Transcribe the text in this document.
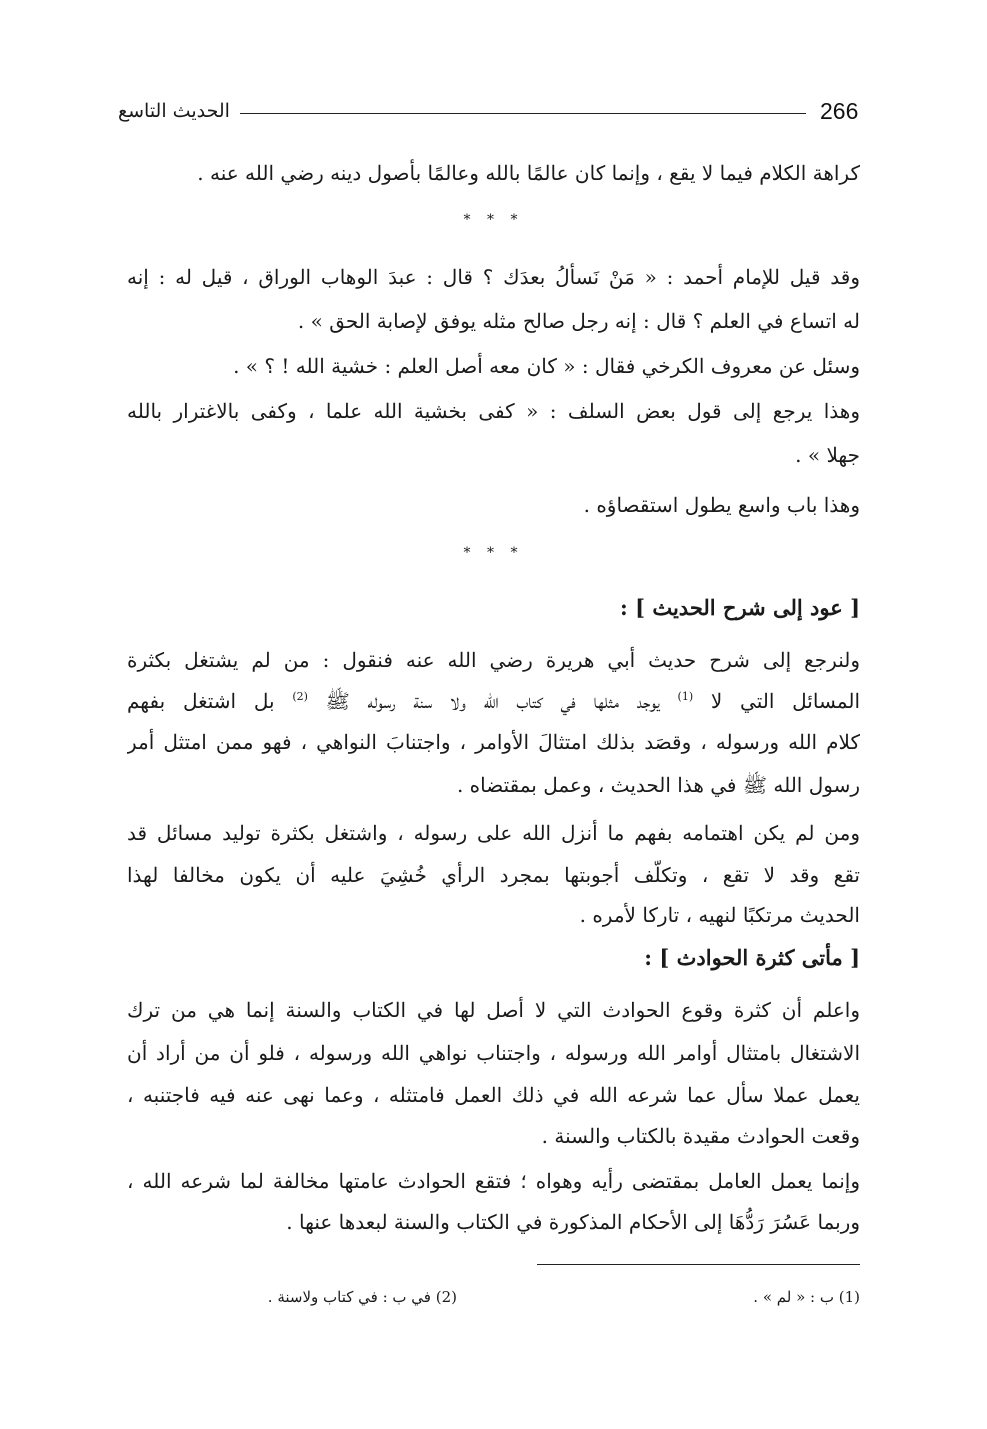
266
الحديث التاسع
كراهة الكلام فيما لا يقع ، وإنما كان عالمًا بالله وعالمًا بأصول دينه رضي الله عنه .
* * *
وقد قيل للإمام أحمد : « مَنْ نَسأَلُ بعدَك ؟ قال : عبدَ الوهاب الوراق ، قيل له : إنه
له اتساع في العلم ؟ قال : إنه رجل صالح مثله يوفق لإصابة الحق » .
وسئل عن معروف الكرخي فقال : « كان معه أصل العلم : خشية الله ! ؟ » .
وهذا يرجع إلى قول بعض السلف : « كفى بخشية الله علما ، وكفى بالاغترار بالله
جهلا » .
وهذا باب واسع يطول استقصاؤه .
* * *
[ عود إلى شرح الحديث ] :
ولنرجع إلى شرح حديث أبي هريرة رضي الله عنه فنقول : من لم يشتغل بكثرة
المسائل التي لا $^{(1)}$ يوجد مثلها في كتاب الله ولا سنة رسوله ﷺ $^{(2)}$ بل اشتغل بفهم
كلام الله ورسوله ، وقصَد بذلك امتثالَ الأوامر ، واجتنابَ النواهي ، فهو ممن امتثل أمر
رسول الله ﷺ في هذا الحديث ، وعمل بمقتضاه .
ومن لم يكن اهتمامه بفهم ما أنزل الله على رسوله ، واشتغل بكثرة توليد مسائل قد
تقع وقد لا تقع ، وتكلَّف أجوبتها بمجرد الرأي خُشِيَ عليه أن يكون مخالفا لهذا
الحديث مرتكبًا لنهيه ، تاركا لأمره .
[ مأتى كثرة الحوادث ] :
واعلم أن كثرة وقوع الحوادث التي لا أصل لها في الكتاب والسنة إنما هي من ترك
الاشتغال بامتثال أوامر الله ورسوله ، واجتناب نواهي الله ورسوله ، فلو أن من أراد أن
يعمل عملا سأل عما شرعه الله في ذلك العمل فامتثله ، وعما نهى عنه فيه فاجتنبه ،
وقعت الحوادث مقيدة بالكتاب والسنة .
وإنما يعمل العامل بمقتضى رأيه وهواه ؛ فتقع الحوادث عامتها مخالفة لما شرعه الله ،
وربما عَسُرَ رَدُّهَا إلى الأحكام المذكورة في الكتاب والسنة لبعدها عنها .
(1) ب : « لم » .
(2) في ب : في كتاب ولاسنة .
